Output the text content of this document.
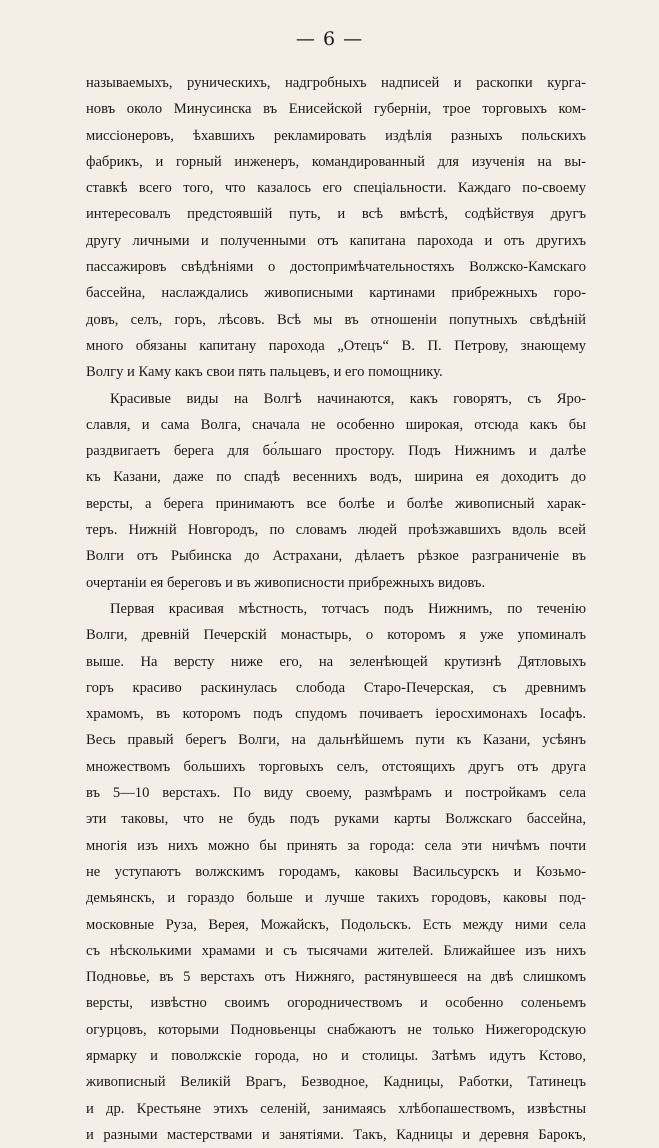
— 6 —
называемыхъ, руническихъ, надгробныхъ надписей и раскопки курга-
новъ около Минусинска въ Енисейской губерніи, трое торговыхъ ком-
миссіонеровъ, ѣхавшихъ рекламировать издѣлія разныхъ польскихъ
фабрикъ, и горный инженеръ, командированный для изученія на вы-
ставкѣ всего того, что казалось его спеціальности. Каждаго по-своему
интересовалъ предстоявшій путь, и всѣ вмѣстѣ, содѣйствуя другъ
другу личными и полученными отъ капитана парохода и отъ другихъ
пассажировъ свѣдѣніями о достопримѣчательностяхъ Волжско-Камскаго
бассейна, наслаждались живописными картинами прибрежныхъ горо-
довъ, селъ, горъ, лѣсовъ. Всѣ мы въ отношеніи попутныхъ свѣдѣній
много обязаны капитану парохода „Отецъ“ В. П. Петрову, знающему
Волгу и Каму какъ свои пять пальцевъ, и его помощнику.
Красивые виды на Волгѣ начинаются, какъ говорятъ, съ Яро-
славля, и сама Волга, сначала не особенно широкая, отсюда какъ бы
раздвигаетъ берега для бо́льшаго простору. Подъ Нижнимъ и далѣе
къ Казани, даже по спадѣ весеннихъ водъ, ширина ея доходитъ до
версты, а берега принимаютъ все болѣе и болѣе живописный харак-
теръ. Нижній Новгородъ, по словамъ людей проѣзжавшихъ вдоль всей
Волги отъ Рыбинска до Астрахани, дѣлаетъ рѣзкое разграниченіе въ
очертаніи ея береговъ и въ живописности прибрежныхъ видовъ.
Первая красивая мѣстность, тотчасъ подъ Нижнимъ, по теченію
Волги, древній Печерскій монастырь, о которомъ я уже упоминалъ
выше. На версту ниже его, на зеленѣющей крутизнѣ Дятловыхъ
горъ красиво раскинулась слобода Старо-Печерская, съ древнимъ
храмомъ, въ которомъ подъ спудомъ почиваетъ іеросхимонахъ Іосафъ.
Весь правый берегъ Волги, на дальнѣйшемъ пути къ Казани, усѣянъ
множествомъ большихъ торговыхъ селъ, отстоящихъ другъ отъ друга
въ 5—10 верстахъ. По виду своему, размѣрамъ и постройкамъ села
эти таковы, что не будь подъ руками карты Волжскаго бассейна,
многія изъ нихъ можно бы принять за города: села эти ничѣмъ почти
не уступаютъ волжскимъ городамъ, каковы Васильсурскъ и Козьмо-
демьянскъ, и гораздо больше и лучше такихъ городовъ, каковы под-
московные Руза, Верея, Можайскъ, Подольскъ. Есть между ними села
съ нѣсколькими храмами и съ тысячами жителей. Ближайшее изъ нихъ
Подновье, въ 5 верстахъ отъ Нижняго, растянувшееся на двѣ слишкомъ
версты, извѣстно своимъ огородничествомъ и особенно соленьемъ
огурцовъ, которыми Подновьенцы снабжаютъ не только Нижегородскую
ярмарку и поволжскіе города, но и столицы. Затѣмъ идутъ Кстово,
живописный Великій Врагъ, Безводное, Кадницы, Работки, Татинецъ
и др. Крестьяне этихъ селеній, занимаясь хлѣбопашествомъ, извѣстны
и разными мастерствами и занятіями. Такъ, Кадницы и деревня Барокъ,
